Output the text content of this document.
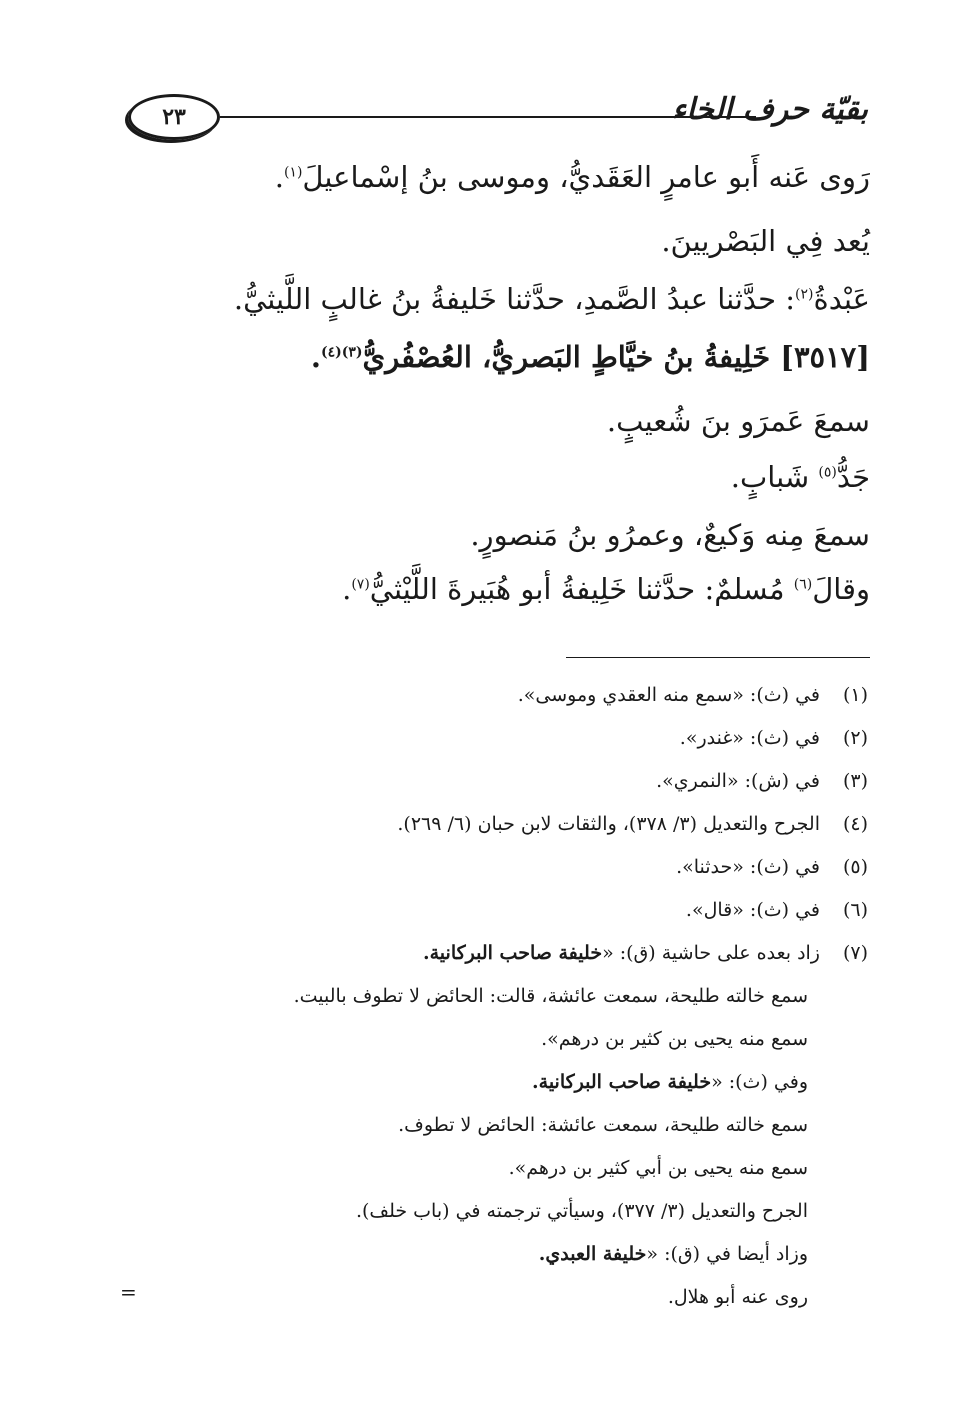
٢٣	بقيّة حرف الخاء
رَوى عَنه أَبو عامرٍ العَقَديُّ، وموسى بنُ إسْماعيلَ$^{(١)}$.
يُعد فِي البَصْريينَ.
عَبْدةُ$^{(٢)}$: حدَّثنا عبدُ الصَّمدِ، حدَّثنا خَليفةُ بنُ غالبٍ اللَّيثيُّ.
[٣٥١٧] خَلِيفةُ بنُ خيَّاطٍ البَصريُّ، العُصْفُريُّ$^{(٣)(٤)}$.
سمعَ عَمرَو بنَ شُعيبٍ.
جَدُّ$^{(٥)}$ شَبابٍ.
سمعَ مِنه وَكيعٌ، وعمرُو بنُ مَنصورٍ.
وقالَ$^{(٦)}$ مُسلمٌ: حدَّثنا خَلِيفةُ أبو هُبَيرةَ اللَّيْثيُّ$^{(٧)}$.
(١)في (ث): «سمع منه العقدي وموسى».
(٢)في (ث): «غندر».
(٣)في (ش): «النمري».
(٤)الجرح والتعديل (٣/ ٣٧٨)، والثقات لابن حبان (٦/ ٢٦٩).
(٥)في (ث): «حدثنا».
(٦)في (ث): «قال».
(٧)زاد بعده على حاشية (ق): «خليفة صاحب البركانية.
سمع خالته طليحة، سمعت عائشة، قالت: الحائض لا تطوف بالبيت.
سمع منه يحيى بن كثير بن درهم».
وفي (ث): «خليفة صاحب البركانية.
سمع خالته طليحة، سمعت عائشة: الحائض لا تطوف.
سمع منه يحيى بن أبي كثير بن درهم».
الجرح والتعديل (٣/ ٣٧٧)، وسيأتي ترجمته في (باب خلف).
وزاد أيضا في (ق): «خليفة العبدي.
روى عنه أبو هلال.
=
